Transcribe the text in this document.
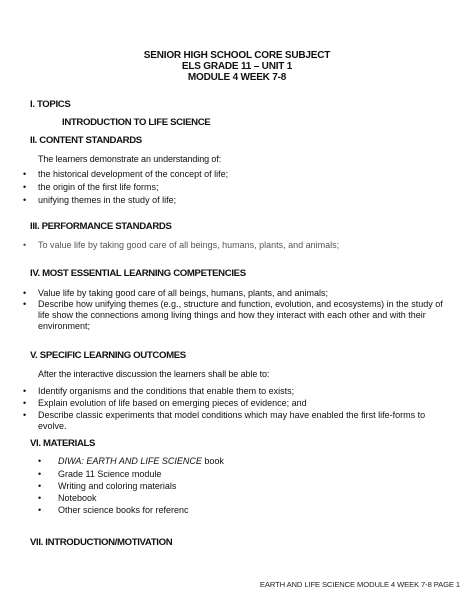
SENIOR HIGH SCHOOL CORE SUBJECT
ELS GRADE 11 – UNIT 1
MODULE 4 WEEK 7-8
I. TOPICS
INTRODUCTION TO LIFE SCIENCE
II. CONTENT STANDARDS
The learners demonstrate an understanding of:
• the historical development of the concept of life;
• the origin of the first life forms;
• unifying themes in the study of life;
III. PERFORMANCE STANDARDS
• To value life by taking good care of all beings, humans, plants, and animals;
IV. MOST ESSENTIAL LEARNING COMPETENCIES
• Value life by taking good care of all beings, humans, plants, and animals;
• Describe how unifying themes (e.g., structure and function, evolution, and ecosystems) in the study of
life show the connections among living things and how they interact with each other and with their
environment;
V. SPECIFIC LEARNING OUTCOMES
After the interactive discussion the learners shall be able to:
• Identify organisms and the conditions that enable them to exists;
• Explain evolution of life based on emerging pieces of evidence; and
• Describe classic experiments that model conditions which may have enabled the first life-forms to
evolve.
VI. MATERIALS
• DIWA: EARTH AND LIFE SCIENCE book
• Grade 11 Science module
• Writing and coloring materials
• Notebook
• Other science books for referenc
VII. INTRODUCTION/MOTIVATION
EARTH AND LIFE SCIENCE MODULE 4 WEEK 7-8 PAGE 1
